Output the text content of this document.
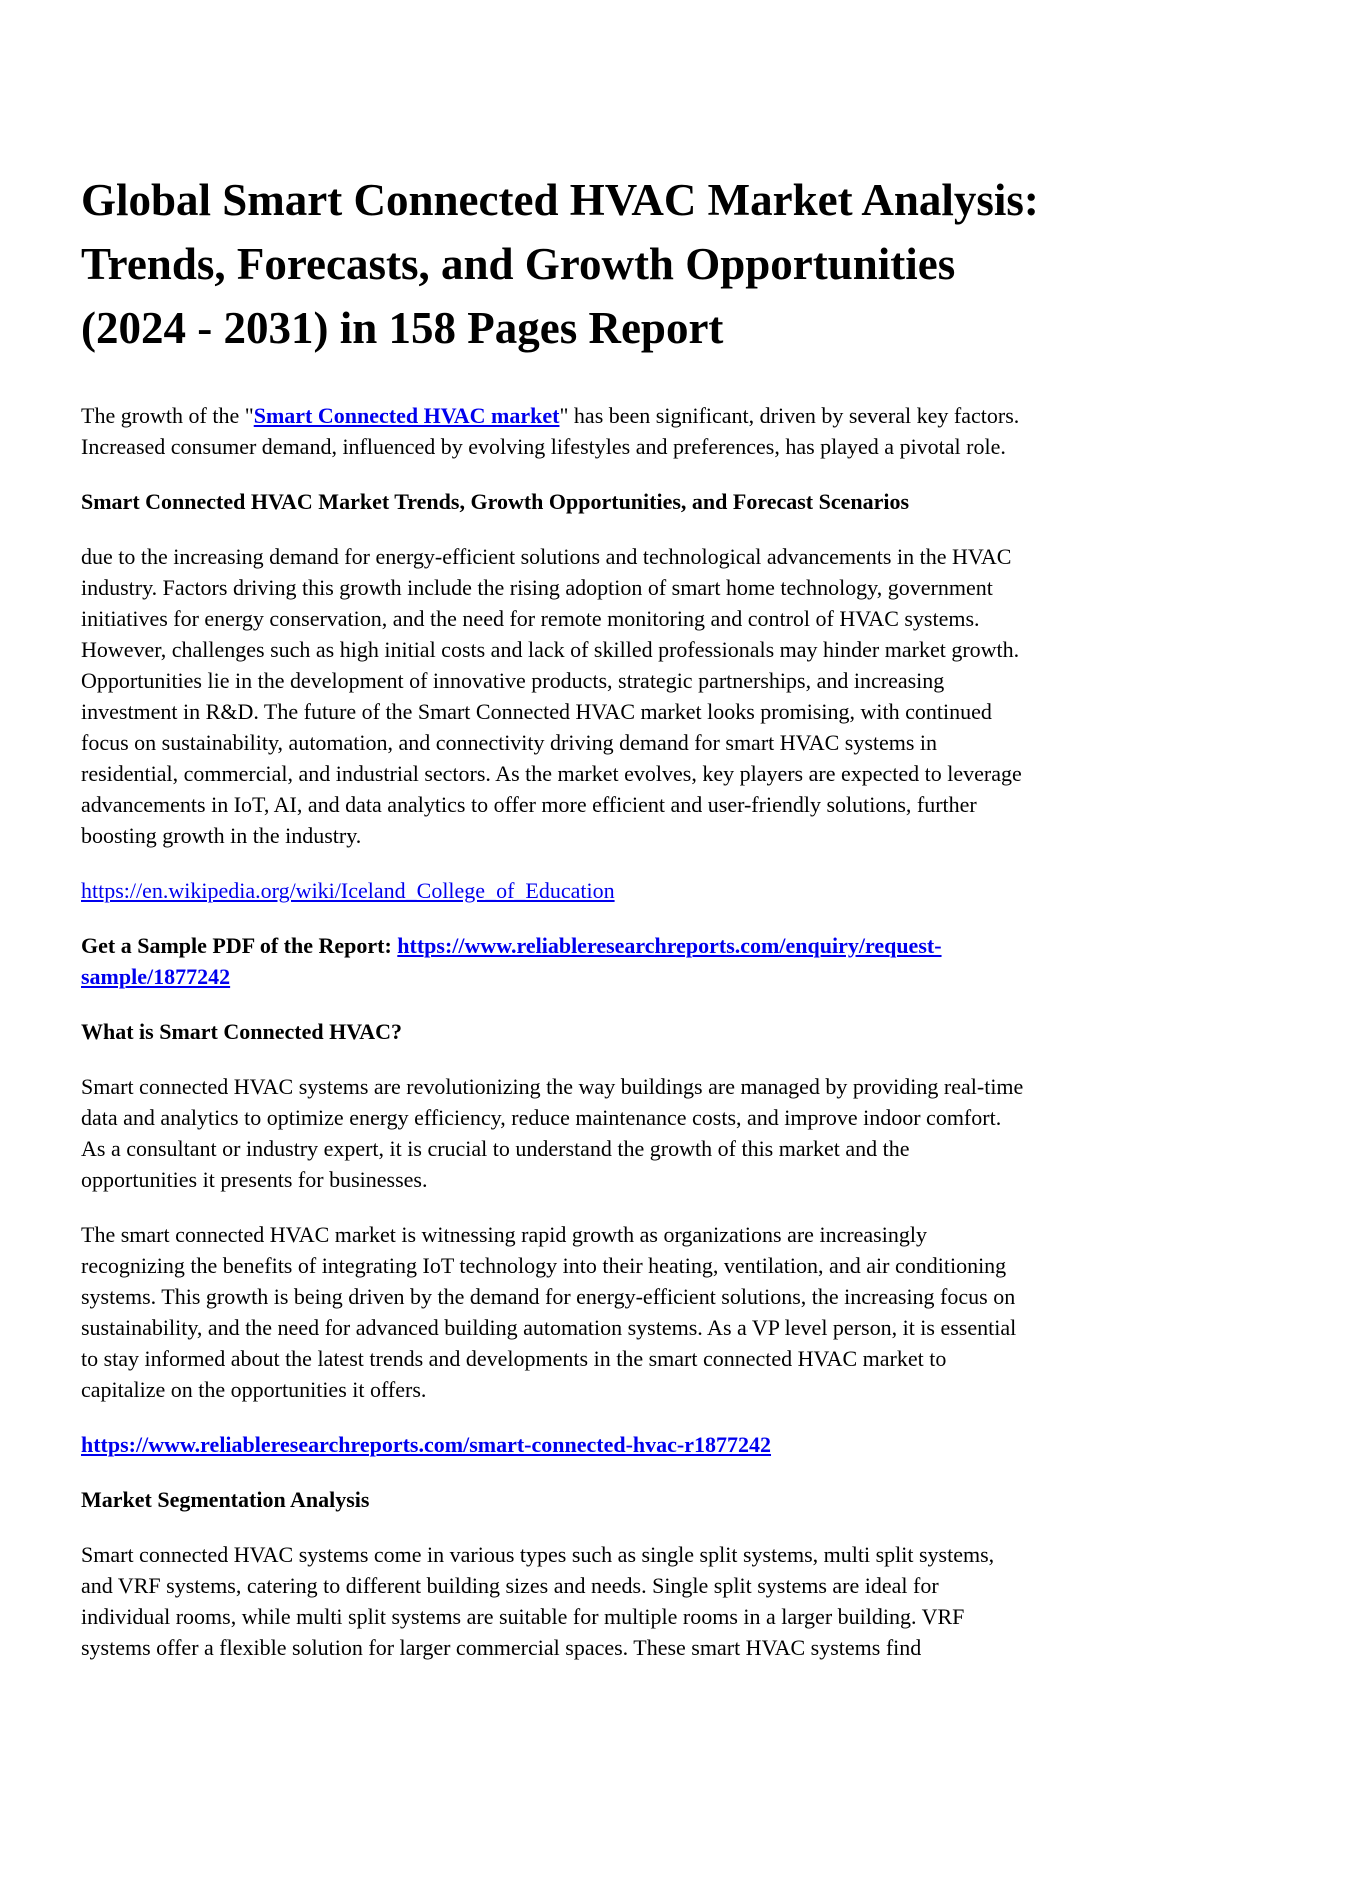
Global Smart Connected HVAC Market Analysis: Trends, Forecasts, and Growth Opportunities (2024 - 2031) in 158 Pages Report

The growth of the "Smart Connected HVAC market" has been significant, driven by several key factors. Increased consumer demand, influenced by evolving lifestyles and preferences, has played a pivotal role.

Smart Connected HVAC Market Trends, Growth Opportunities, and Forecast Scenarios

due to the increasing demand for energy-efficient solutions and technological advancements in the HVAC industry. Factors driving this growth include the rising adoption of smart home technology, government initiatives for energy conservation, and the need for remote monitoring and control of HVAC systems. However, challenges such as high initial costs and lack of skilled professionals may hinder market growth. Opportunities lie in the development of innovative products, strategic partnerships, and increasing investment in R&D. The future of the Smart Connected HVAC market looks promising, with continued focus on sustainability, automation, and connectivity driving demand for smart HVAC systems in residential, commercial, and industrial sectors. As the market evolves, key players are expected to leverage advancements in IoT, AI, and data analytics to offer more efficient and user-friendly solutions, further boosting growth in the industry.

https://en.wikipedia.org/wiki/Iceland_College_of_Education

Get a Sample PDF of the Report: https://www.reliableresearchreports.com/enquiry/request-sample/1877242

What is Smart Connected HVAC?

Smart connected HVAC systems are revolutionizing the way buildings are managed by providing real-time data and analytics to optimize energy efficiency, reduce maintenance costs, and improve indoor comfort. As a consultant or industry expert, it is crucial to understand the growth of this market and the opportunities it presents for businesses.

The smart connected HVAC market is witnessing rapid growth as organizations are increasingly recognizing the benefits of integrating IoT technology into their heating, ventilation, and air conditioning systems. This growth is being driven by the demand for energy-efficient solutions, the increasing focus on sustainability, and the need for advanced building automation systems. As a VP level person, it is essential to stay informed about the latest trends and developments in the smart connected HVAC market to capitalize on the opportunities it offers.

https://www.reliableresearchreports.com/smart-connected-hvac-r1877242

Market Segmentation Analysis

Smart connected HVAC systems come in various types such as single split systems, multi split systems, and VRF systems, catering to different building sizes and needs. Single split systems are ideal for individual rooms, while multi split systems are suitable for multiple rooms in a larger building. VRF systems offer a flexible solution for larger commercial spaces. These smart HVAC systems find
